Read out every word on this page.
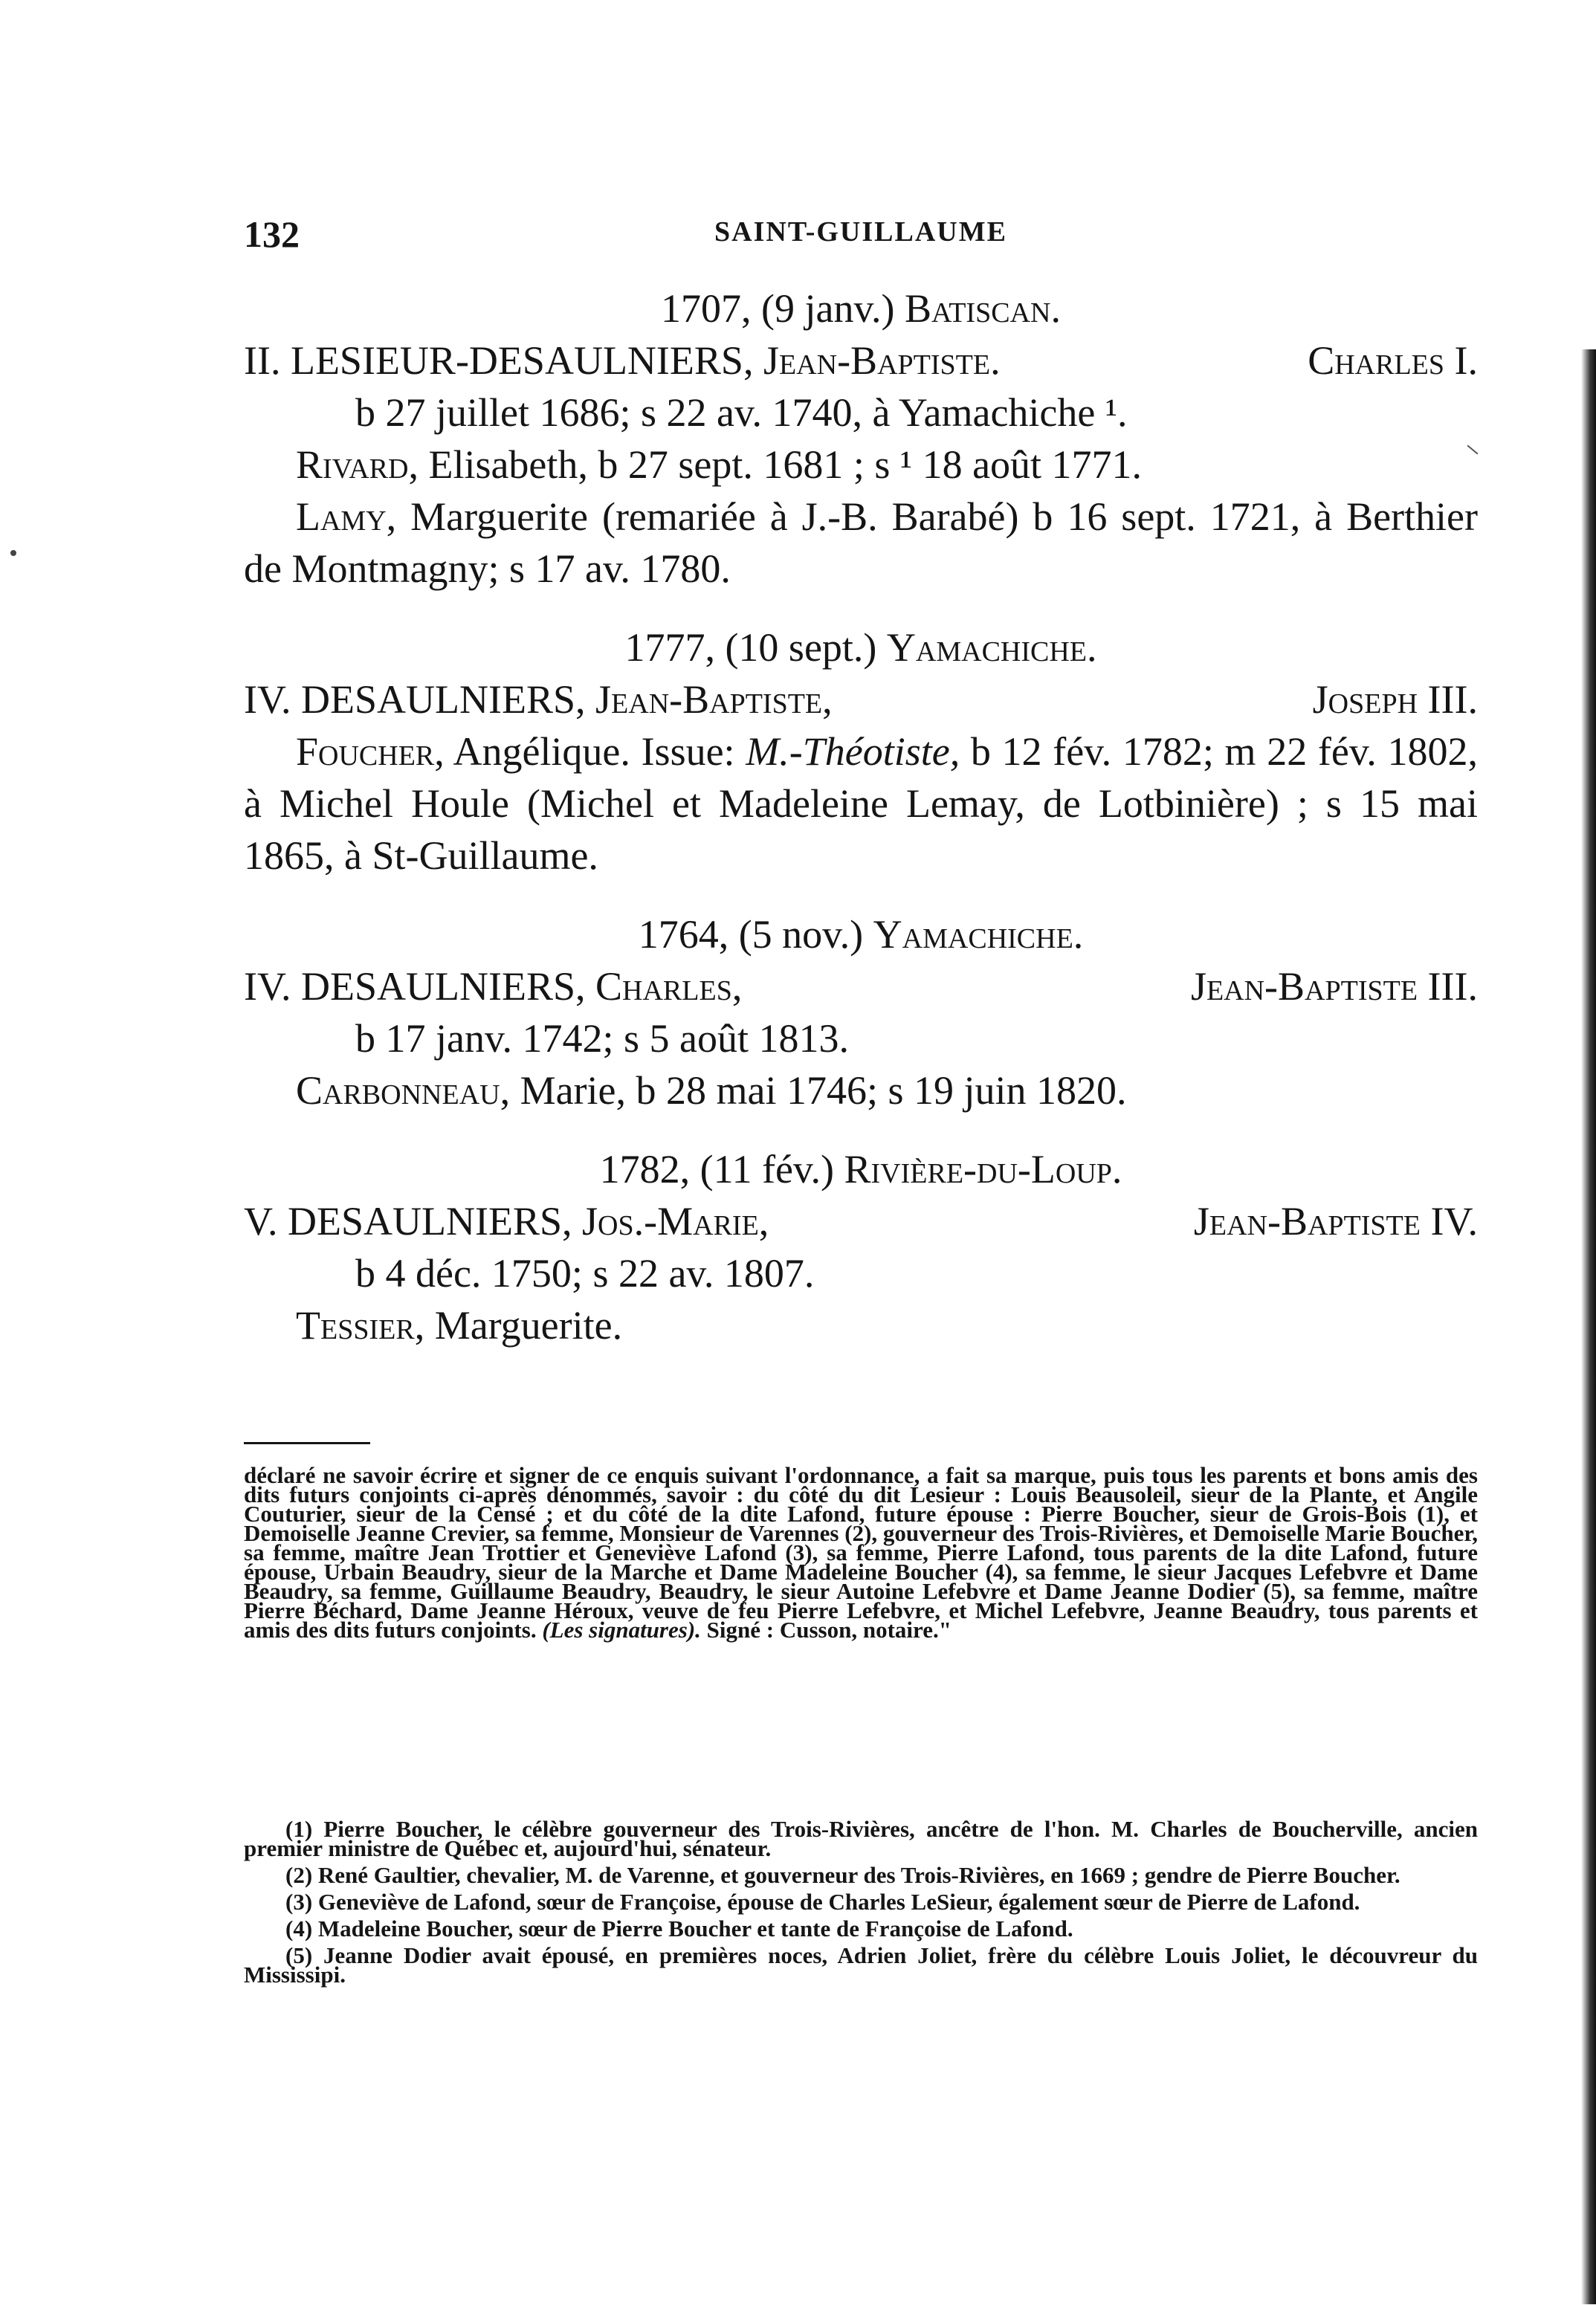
132	SAINT-GUILLAUME
1707, (9 janv.) Batiscan.
II. LESIEUR-DESAULNIERS, Jean-Baptiste.	Charles I.
b 27 juillet 1686; s 22 av. 1740, à Yamachiche ¹.
Rivard, Elisabeth, b 27 sept. 1681 ; s ¹ 18 août 1771.
Lamy, Marguerite (remariée à J.-B. Barabé) b 16 sept. 1721, à Berthier de Montmagny; s 17 av. 1780.
1777, (10 sept.) Yamachiche.
IV. DESAULNIERS, Jean-Baptiste,	Joseph III.
Foucher, Angélique. Issue: M.-Théotiste, b 12 fév. 1782; m 22 fév. 1802, à Michel Houle (Michel et Madeleine Lemay, de Lotbinière) ; s 15 mai 1865, à St-Guillaume.
1764, (5 nov.) Yamachiche.
IV. DESAULNIERS, Charles,	Jean-Baptiste III.
b 17 janv. 1742; s 5 août 1813.
Carbonneau, Marie, b 28 mai 1746; s 19 juin 1820.
1782, (11 fév.) Rivière-du-Loup.
V. DESAULNIERS, Jos.-Marie,	Jean-Baptiste IV.
b 4 déc. 1750; s 22 av. 1807.
Tessier, Marguerite.
déclaré ne savoir écrire et signer de ce enquis suivant l'ordonnance, a fait sa marque, puis tous les parents et bons amis des dits futurs conjoints ci-après dénommés, savoir : du côté du dit Lesieur : Louis Beausoleil, sieur de la Plante, et Angile Couturier, sieur de la Censé ; et du côté de la dite Lafond, future épouse : Pierre Boucher, sieur de Grois-Bois (1), et Demoiselle Jeanne Crevier, sa femme, Monsieur de Varennes (2), gouverneur des Trois-Rivières, et Demoiselle Marie Boucher, sa femme, maître Jean Trottier et Geneviève Lafond (3), sa femme, Pierre Lafond, tous parents de la dite Lafond, future épouse, Urbain Beaudry, sieur de la Marche et Dame Madeleine Boucher (4), sa femme, le sieur Jacques Lefebvre et Dame Beaudry, sa femme, Guillaume Beaudry, Beaudry, le sieur Autoine Lefebvre et Dame Jeanne Dodier (5), sa femme, maître Pierre Béchard, Dame Jeanne Héroux, veuve de feu Pierre Lefebvre, et Michel Lefebvre, Jeanne Beaudry, tous parents et amis des dits futurs conjoints. (Les signatures). Signé : Cusson, notaire."
(1) Pierre Boucher, le célèbre gouverneur des Trois-Rivières, ancêtre de l'hon. M. Charles de Boucherville, ancien premier ministre de Québec et, aujourd'hui, sénateur.
(2) René Gaultier, chevalier, M. de Varenne, et gouverneur des Trois-Rivières, en 1669 ; gendre de Pierre Boucher.
(3) Geneviève de Lafond, sœur de Françoise, épouse de Charles LeSieur, également sœur de Pierre de Lafond.
(4) Madeleine Boucher, sœur de Pierre Boucher et tante de Françoise de Lafond.
(5) Jeanne Dodier avait épousé, en premières noces, Adrien Joliet, frère du célèbre Louis Joliet, le découvreur du Mississipi.
